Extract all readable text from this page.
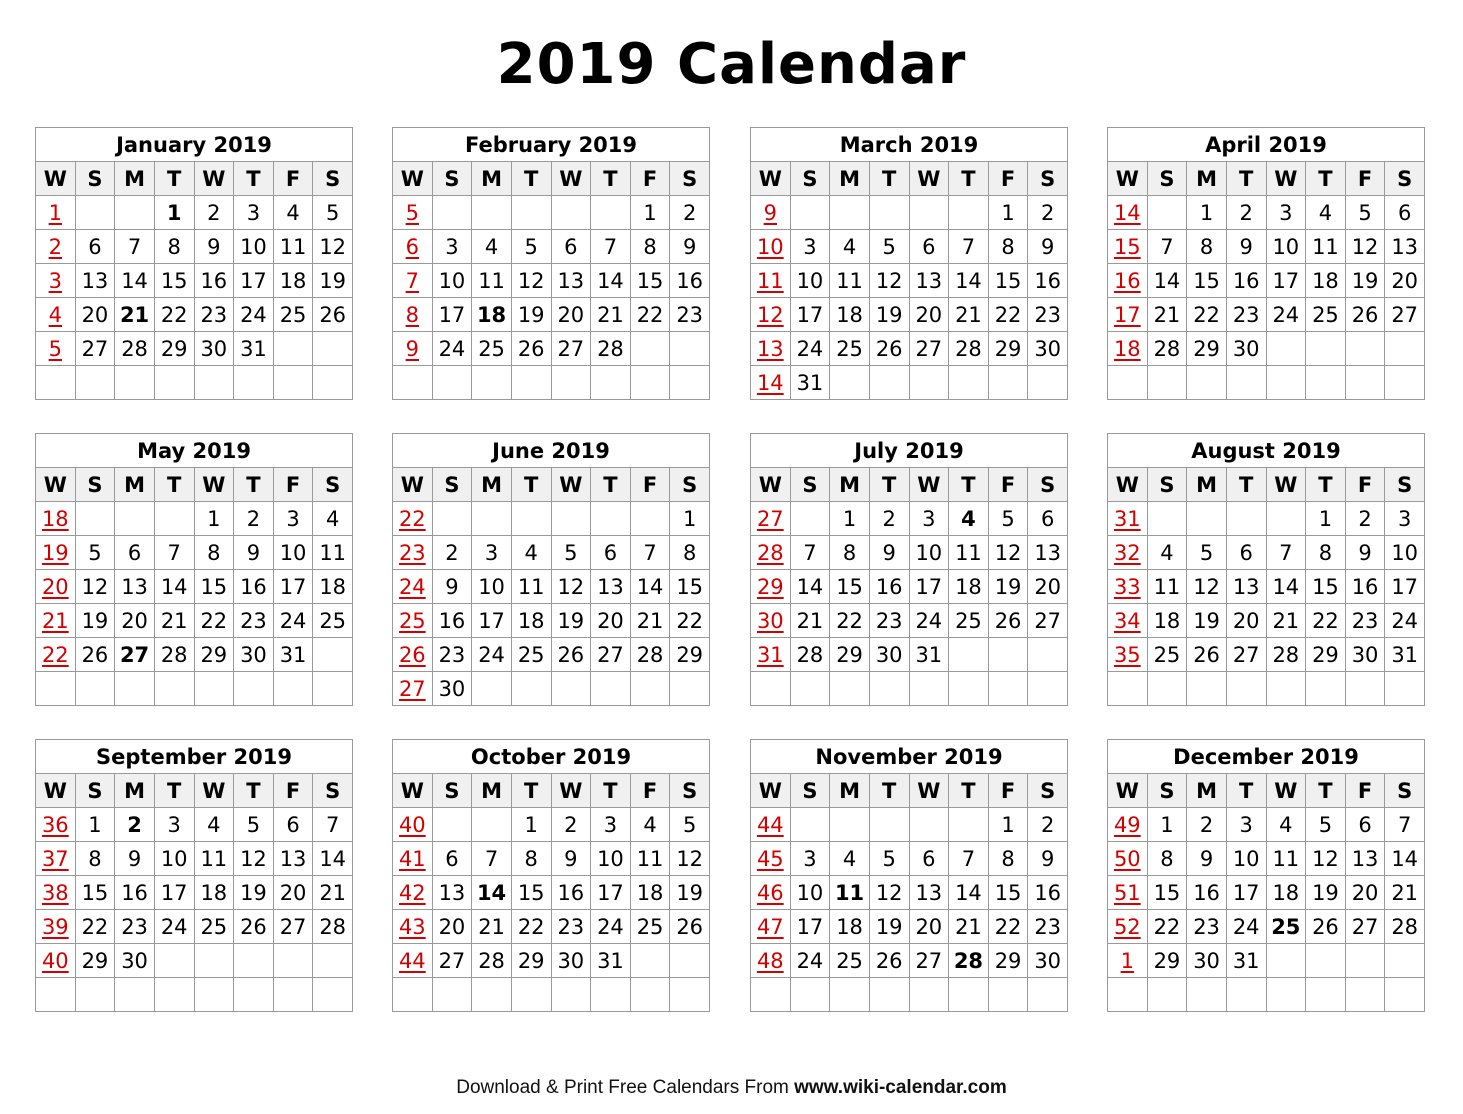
2019 Calendar
January 2019							
W	S	M	T	W	T	F	S
1			1	2	3	4	5
2	6	7	8	9	10	11	12
3	13	14	15	16	17	18	19
4	20	21	22	23	24	25	26
5	27	28	29	30	31		

February 2019							
W	S	M	T	W	T	F	S
5						1	2
6	3	4	5	6	7	8	9
7	10	11	12	13	14	15	16
8	17	18	19	20	21	22	23
9	24	25	26	27	28		

March 2019							
W	S	M	T	W	T	F	S
9						1	2
10	3	4	5	6	7	8	9
11	10	11	12	13	14	15	16
12	17	18	19	20	21	22	23
13	24	25	26	27	28	29	30
14	31						
April 2019							
W	S	M	T	W	T	F	S
14		1	2	3	4	5	6
15	7	8	9	10	11	12	13
16	14	15	16	17	18	19	20
17	21	22	23	24	25	26	27
18	28	29	30				

May 2019							
W	S	M	T	W	T	F	S
18				1	2	3	4
19	5	6	7	8	9	10	11
20	12	13	14	15	16	17	18
21	19	20	21	22	23	24	25
22	26	27	28	29	30	31	

June 2019							
W	S	M	T	W	T	F	S
22							1
23	2	3	4	5	6	7	8
24	9	10	11	12	13	14	15
25	16	17	18	19	20	21	22
26	23	24	25	26	27	28	29
27	30						
July 2019							
W	S	M	T	W	T	F	S
27		1	2	3	4	5	6
28	7	8	9	10	11	12	13
29	14	15	16	17	18	19	20
30	21	22	23	24	25	26	27
31	28	29	30	31			

August 2019							
W	S	M	T	W	T	F	S
31					1	2	3
32	4	5	6	7	8	9	10
33	11	12	13	14	15	16	17
34	18	19	20	21	22	23	24
35	25	26	27	28	29	30	31

September 2019							
W	S	M	T	W	T	F	S
36	1	2	3	4	5	6	7
37	8	9	10	11	12	13	14
38	15	16	17	18	19	20	21
39	22	23	24	25	26	27	28
40	29	30					

October 2019							
W	S	M	T	W	T	F	S
40			1	2	3	4	5
41	6	7	8	9	10	11	12
42	13	14	15	16	17	18	19
43	20	21	22	23	24	25	26
44	27	28	29	30	31		

November 2019							
W	S	M	T	W	T	F	S
44						1	2
45	3	4	5	6	7	8	9
46	10	11	12	13	14	15	16
47	17	18	19	20	21	22	23
48	24	25	26	27	28	29	30

December 2019							
W	S	M	T	W	T	F	S
49	1	2	3	4	5	6	7
50	8	9	10	11	12	13	14
51	15	16	17	18	19	20	21
52	22	23	24	25	26	27	28
1	29	30	31				

Download & Print Free Calendars From www.wiki-calendar.com
